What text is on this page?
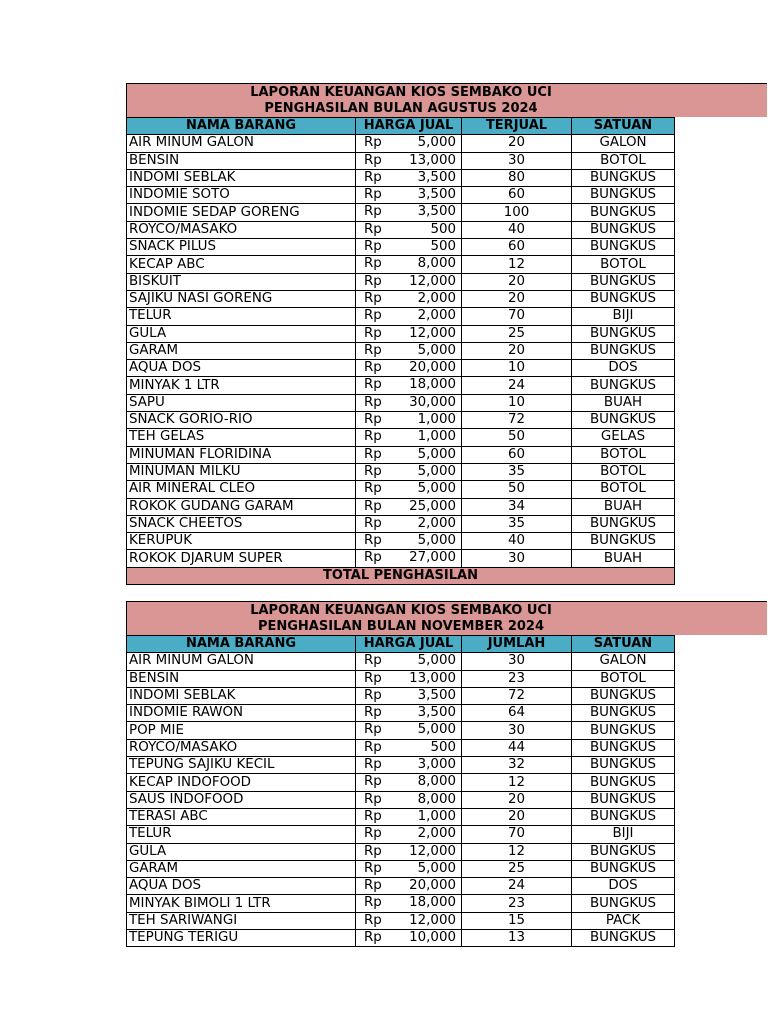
LAPORAN KEUANGAN KIOS SEMBAKO UCI
PENGHASILAN BULAN AGUSTUS 2024
NAMA BARANG	HARGA JUAL	TERJUAL	SATUAN
AIR MINUM GALON	Rp 5,000	20	GALON
BENSIN	Rp 13,000	30	BOTOL
INDOMI SEBLAK	Rp 3,500	80	BUNGKUS
INDOMIE SOTO	Rp 3,500	60	BUNGKUS
INDOMIE SEDAP GORENG	Rp 3,500	100	BUNGKUS
ROYCO/MASAKO	Rp 500	40	BUNGKUS
SNACK PILUS	Rp 500	60	BUNGKUS
KECAP ABC	Rp 8,000	12	BOTOL
BISKUIT	Rp 12,000	20	BUNGKUS
SAJIKU NASI GORENG	Rp 2,000	20	BUNGKUS
TELUR	Rp 2,000	70	BIJI
GULA	Rp 12,000	25	BUNGKUS
GARAM	Rp 5,000	20	BUNGKUS
AQUA DOS	Rp 20,000	10	DOS
MINYAK 1 LTR	Rp 18,000	24	BUNGKUS
SAPU	Rp 30,000	10	BUAH
SNACK GORIO-RIO	Rp 1,000	72	BUNGKUS
TEH GELAS	Rp 1,000	50	GELAS
MINUMAN FLORIDINA	Rp 5,000	60	BOTOL
MINUMAN MILKU	Rp 5,000	35	BOTOL
AIR MINERAL CLEO	Rp 5,000	50	BOTOL
ROKOK GUDANG GARAM	Rp 25,000	34	BUAH
SNACK CHEETOS	Rp 2,000	35	BUNGKUS
KERUPUK	Rp 5,000	40	BUNGKUS
ROKOK DJARUM SUPER	Rp 27,000	30	BUAH
TOTAL PENGHASILAN			
LAPORAN KEUANGAN KIOS SEMBAKO UCI
PENGHASILAN BULAN NOVEMBER 2024
NAMA BARANG	HARGA JUAL	JUMLAH	SATUAN
AIR MINUM GALON	Rp 5,000	30	GALON
BENSIN	Rp 13,000	23	BOTOL
INDOMI SEBLAK	Rp 3,500	72	BUNGKUS
INDOMIE RAWON	Rp 3,500	64	BUNGKUS
POP MIE	Rp 5,000	30	BUNGKUS
ROYCO/MASAKO	Rp 500	44	BUNGKUS
TEPUNG SAJIKU KECIL	Rp 3,000	32	BUNGKUS
KECAP INDOFOOD	Rp 8,000	12	BUNGKUS
SAUS INDOFOOD	Rp 8,000	20	BUNGKUS
TERASI ABC	Rp 1,000	20	BUNGKUS
TELUR	Rp 2,000	70	BIJI
GULA	Rp 12,000	12	BUNGKUS
GARAM	Rp 5,000	25	BUNGKUS
AQUA DOS	Rp 20,000	24	DOS
MINYAK BIMOLI 1 LTR	Rp 18,000	23	BUNGKUS
TEH SARIWANGI	Rp 12,000	15	PACK
TEPUNG TERIGU	Rp 10,000	13	BUNGKUS
